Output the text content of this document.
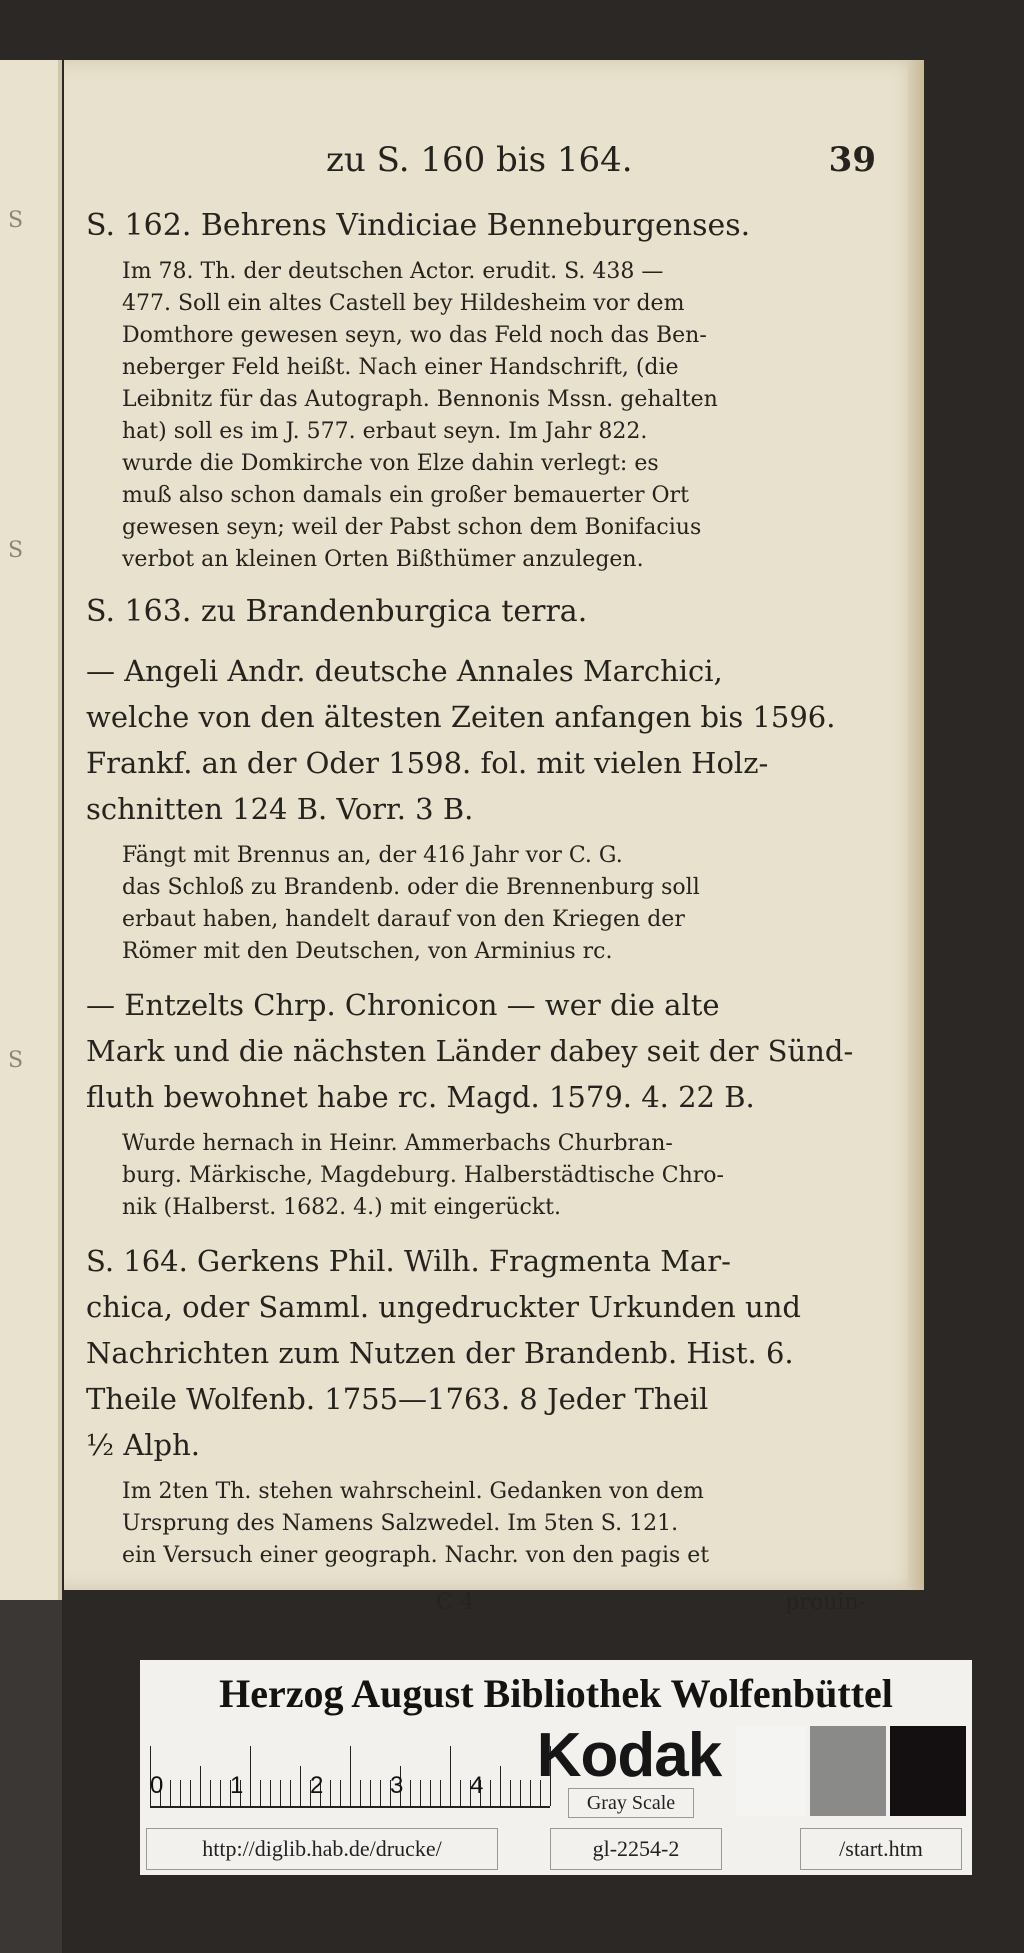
S
S
S
zu S. 160 bis 164.	39
S. 162. Behrens Vindiciae Benneburgenses.

Im 78. Th. der deutschen Actor. erudit. S. 438 —

477. Soll ein altes Castell bey Hildesheim vor dem

Domthore gewesen seyn, wo das Feld noch das Ben-

neberger Feld heißt. Nach einer Handschrift, (die

Leibnitz für das Autograph. Bennonis Mssn. gehalten

hat) soll es im J. 577. erbaut seyn. Im Jahr 822.

wurde die Domkirche von Elze dahin verlegt: es

muß also schon damals ein großer bemauerter Ort

gewesen seyn; weil der Pabst schon dem Bonifacius

verbot an kleinen Orten Bißthümer anzulegen.

S. 163. zu Brandenburgica terra.

— Angeli Andr. deutsche Annales Marchici,

welche von den ältesten Zeiten anfangen bis 1596.

Frankf. an der Oder 1598. fol. mit vielen Holz-

schnitten 124 B. Vorr. 3 B.

Fängt mit Brennus an, der 416 Jahr vor C. G.

das Schloß zu Brandenb. oder die Brennenburg soll

erbaut haben, handelt darauf von den Kriegen der

Römer mit den Deutschen, von Arminius rc.

— Entzelts Chrp. Chronicon — wer die alte

Mark und die nächsten Länder dabey seit der Sünd-

fluth bewohnet habe rc. Magd. 1579. 4. 22 B.

Wurde hernach in Heinr. Ammerbachs Churbran-

burg. Märkische, Magdeburg. Halberstädtische Chro-

nik (Halberst. 1682. 4.) mit eingerückt.

S. 164. Gerkens Phil. Wilh. Fragmenta Mar-

chica, oder Samml. ungedruckter Urkunden und

Nachrichten zum Nutzen der Brandenb. Hist. 6.

Theile Wolfenb. 1755—1763. 8 Jeder Theil

½ Alph.

Im 2ten Th. stehen wahrscheinl. Gedanken von dem

Ursprung des Namens Salzwedel. Im 5ten S. 121.

ein Versuch einer geograph. Nachr. von den pagis et

C 4	prouin-
Herzog August Bibliothek Wolfenbüttel
0	1	2	3	4 Kodak
Gray Scale
http://diglib.hab.de/drucke/	gl-2254-2	/start.htm
